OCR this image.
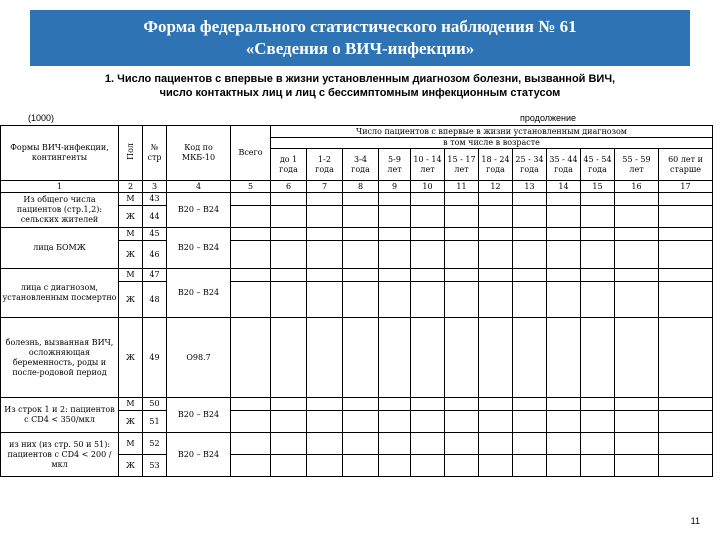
Форма федерального статистического наблюдения № 61
«Сведения о ВИЧ-инфекции»
1. Число пациентов с впервые в жизни установленным диагнозом болезни, вызванной ВИЧ,
число контактных лиц и лиц с бессимптомным инфекционным статусом
(1000)	продолжение
Формы ВИЧ-инфекции, контингенты	Пол	№ стр	Код по МКБ-10	Всего	Число пациентов с впервые в жизни установленным диагнозом											
					в том числе в возрасте											
					до 1 года	1-2 года	3-4 года	5-9 лет	10 - 14 лет	15 - 17 лет	18 - 24 года	25 - 34 года	35 - 44 года	45 - 54 года	55 - 59 лет	60 лет и старше
1	2	3	4	5	6	7	8	9	10	11	12	13	14	15	16	17
Из общего числа пациентов (стр.1,2): сельских жителей	М	43	B20 – B24													
	Ж	44														
лица БОМЖ	М	45	B20 – B24													
	Ж	46														
лица с диагнозом, установленным посмертно	М	47	B20 – B24													
	Ж	48														
болезнь, вызванная ВИЧ, осложняющая беременность, роды и после-родовой период	Ж	49	O98.7													
Из строк 1 и 2: пациентов с CD4 < 350/мкл	М	50	B20 – B24													
	Ж	51														
из них (из стр. 50 и 51): пациентов с CD4 < 200 /мкл	М	52	B20 – B24													
	Ж	53														
11
